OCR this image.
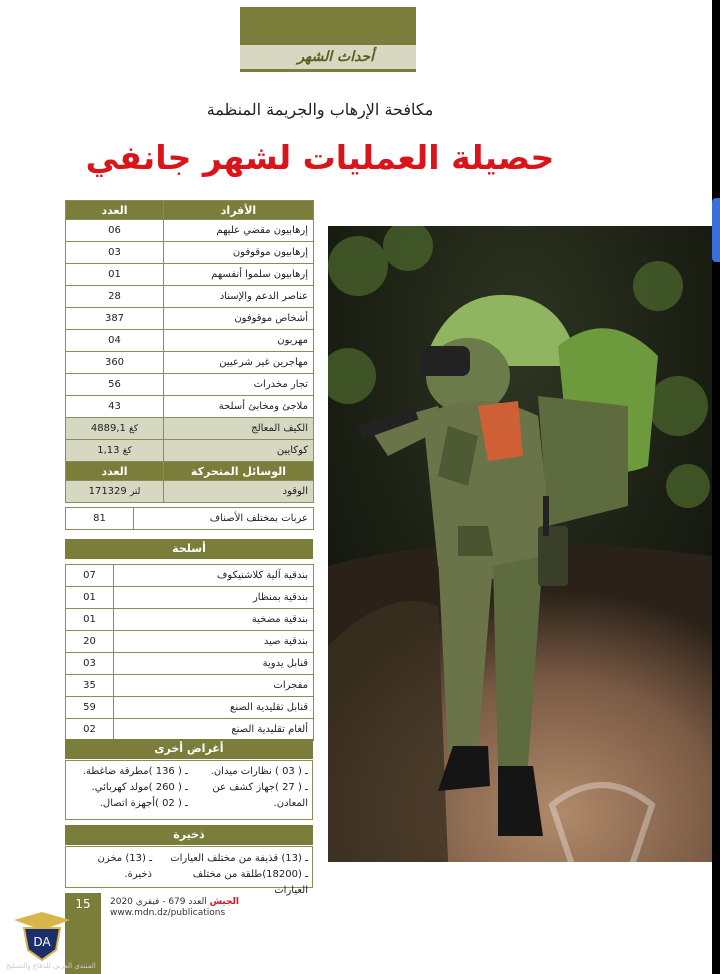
أحداث الشهر
مكافحة الإرهاب والجريمة المنظمة
حصيلة العمليات لشهر جانفي
الأفراد	العدد
إرهابيون مقضي عليهم	06
إرهابيون موقوفون	03
إرهابيون سلموا أنفسهم	01
عناصر الدعم والإسناد	28
أشخاص موقوفون	387
مهربون	04
مهاجرين غير شرعيين	360
تجار مخدرات	56
ملاجئ ومخابئ أسلحة	43
الكيف المعالج	4889,1 كغ
كوكايين	1,13 كغ
الوسائل المتحركة	العدد
الوقود	171329 لتر
عربات بمختلف الأصناف	81
أسلحة
بندقية آلية كلاشنيكوف	07
بندقية بمنظار	01
بندقية مضخية	01
بندقية صيد	20
قنابل يدوية	03
مفجرات	35
قنابل تقليدية الصنع	59
ألغام تقليدية الصنع	02
أغراض أخرى
ـ ( 03 ) نظارات ميدان.
ـ ( 27 )جهاز كشف عن
المعادن.
ـ ( 136 )مطرقة ضاغطة.
ـ ( 260 )مولد كهربائي.
ـ ( 02 )أجهزة اتصال.
ذخيرة
ـ (13) قذيفة من مختلف العيارات
ـ (18200)طلقة من مختلف العيارات
ـ (13) مخزن ذخيرة.
15	الجيش العدد 679 - فيفري 2020
www.mdn.dz/publications
المنتدى العربي للدفاع والتسليح
DEFENSE ARAB FORUM
DA
المنتدى العربي للدفاع والتسليح
